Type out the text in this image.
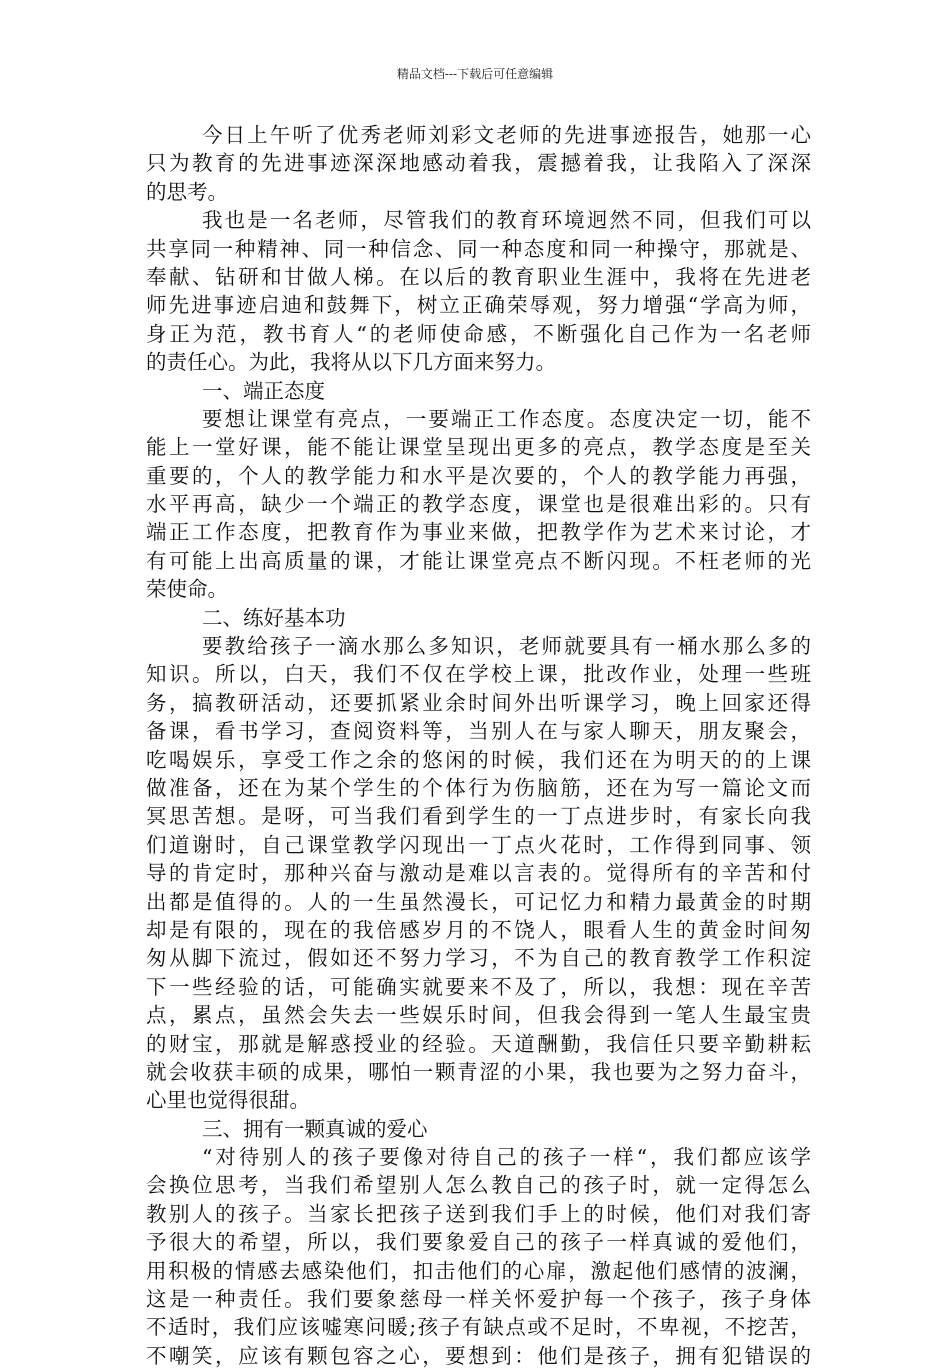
精品文档---下载后可任意编辑
今日上午听了优秀老师刘彩文老师的先进事迹报告，她那一心
只为教育的先进事迹深深地感动着我，震撼着我，让我陷入了深深
的思考。
我也是一名老师，尽管我们的教育环境迥然不同，但我们可以
共享同一种精神、同一种信念、同一种态度和同一种操守，那就是、
奉献、钻研和甘做人梯。在以后的教育职业生涯中，我将在先进老
师先进事迹启迪和鼓舞下，树立正确荣辱观，努力增强“学高为师，
身正为范，教书育人“的老师使命感，不断强化自己作为一名老师
的责任心。为此，我将从以下几方面来努力。
一、端正态度
要想让课堂有亮点，一要端正工作态度。态度决定一切，能不
能上一堂好课，能不能让课堂呈现出更多的亮点，教学态度是至关
重要的，个人的教学能力和水平是次要的，个人的教学能力再强，
水平再高，缺少一个端正的教学态度，课堂也是很难出彩的。只有
端正工作态度，把教育作为事业来做，把教学作为艺术来讨论，才
有可能上出高质量的课，才能让课堂亮点不断闪现。不枉老师的光
荣使命。
二、练好基本功
要教给孩子一滴水那么多知识，老师就要具有一桶水那么多的
知识。所以，白天，我们不仅在学校上课，批改作业，处理一些班
务，搞教研活动，还要抓紧业余时间外出听课学习，晚上回家还得
备课，看书学习，查阅资料等，当别人在与家人聊天，朋友聚会，
吃喝娱乐，享受工作之余的悠闲的时候，我们还在为明天的的上课
做准备，还在为某个学生的个体行为伤脑筋，还在为写一篇论文而
冥思苦想。是呀，可当我们看到学生的一丁点进步时，有家长向我
们道谢时，自己课堂教学闪现出一丁点火花时，工作得到同事、领
导的肯定时，那种兴奋与激动是难以言表的。觉得所有的辛苦和付
出都是值得的。人的一生虽然漫长，可记忆力和精力最黄金的时期
却是有限的，现在的我倍感岁月的不饶人，眼看人生的黄金时间匆
匆从脚下流过，假如还不努力学习，不为自己的教育教学工作积淀
下一些经验的话，可能确实就要来不及了，所以，我想：现在辛苦
点，累点，虽然会失去一些娱乐时间，但我会得到一笔人生最宝贵
的财宝，那就是解惑授业的经验。天道酬勤，我信任只要辛勤耕耘
就会收获丰硕的成果，哪怕一颗青涩的小果，我也要为之努力奋斗，
心里也觉得很甜。
三、拥有一颗真诚的爱心
“对待别人的孩子要像对待自己的孩子一样“，我们都应该学
会换位思考，当我们希望别人怎么教自己的孩子时，就一定得怎么
教别人的孩子。当家长把孩子送到我们手上的时候，他们对我们寄
予很大的希望，所以，我们要象爱自己的孩子一样真诚的爱他们，
用积极的情感去感染他们，扣击他们的心扉，激起他们感情的波澜，
这是一种责任。我们要象慈母一样关怀爱护每一个孩子，孩子身体
不适时，我们应该嘘寒问暖;孩子有缺点或不足时，不卑视，不挖苦，
不嘲笑，应该有颗包容之心，要想到：他们是孩子，拥有犯错误的
